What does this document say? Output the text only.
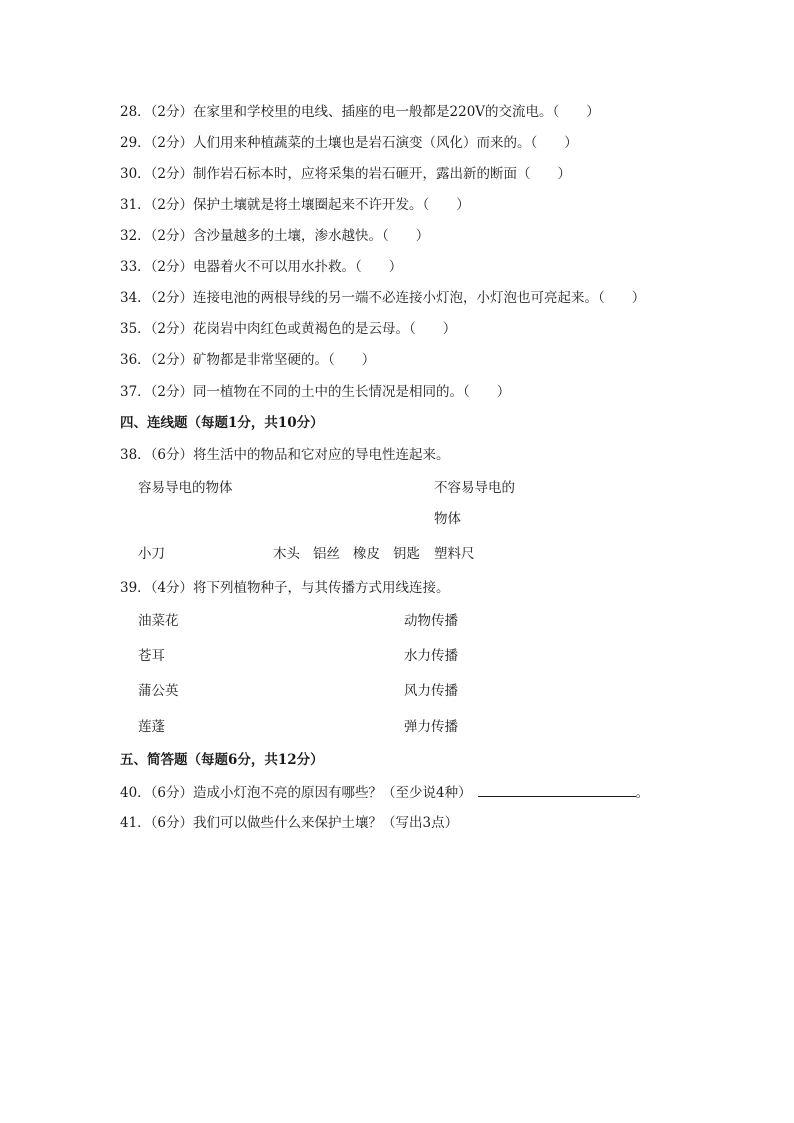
28．（2分）在家里和学校里的电线、插座的电一般都是220V的交流电。（　　）
29．（2分）人们用来种植蔬菜的土壤也是岩石演变（风化）而来的。（　　）
30．（2分）制作岩石标本时，应将采集的岩石砸开，露出新的断面（　　）
31．（2分）保护土壤就是将土壤圈起来不许开发。（　　）
32．（2分）含沙量越多的土壤，渗水越快。（　　）
33．（2分）电器着火不可以用水扑救。（　　）
34．（2分）连接电池的两根导线的另一端不必连接小灯泡，小灯泡也可亮起来。（　　）
35．（2分）花岗岩中肉红色或黄褐色的是云母。（　　）
36．（2分）矿物都是非常坚硬的。（　　）
37．（2分）同一植物在不同的土中的生长情况是相同的。（　　）
四、连线题（每题1分，共10分）
38．（6分）将生活中的物品和它对应的导电性连起来。
容易导电的物体	不容易导电的
物体
小刀	木头 铝丝 橡皮 钥匙 塑料尺
39．（4分）将下列植物种子，与其传播方式用线连接。
油菜花	动物传播
苍耳	水力传播
蒲公英	风力传播
莲蓬	弹力传播
五、简答题（每题6分，共12分）
40．（6分）造成小灯泡不亮的原因有哪些？（至少说4种）	。
41．（6分）我们可以做些什么来保护土壤？（写出3点）
